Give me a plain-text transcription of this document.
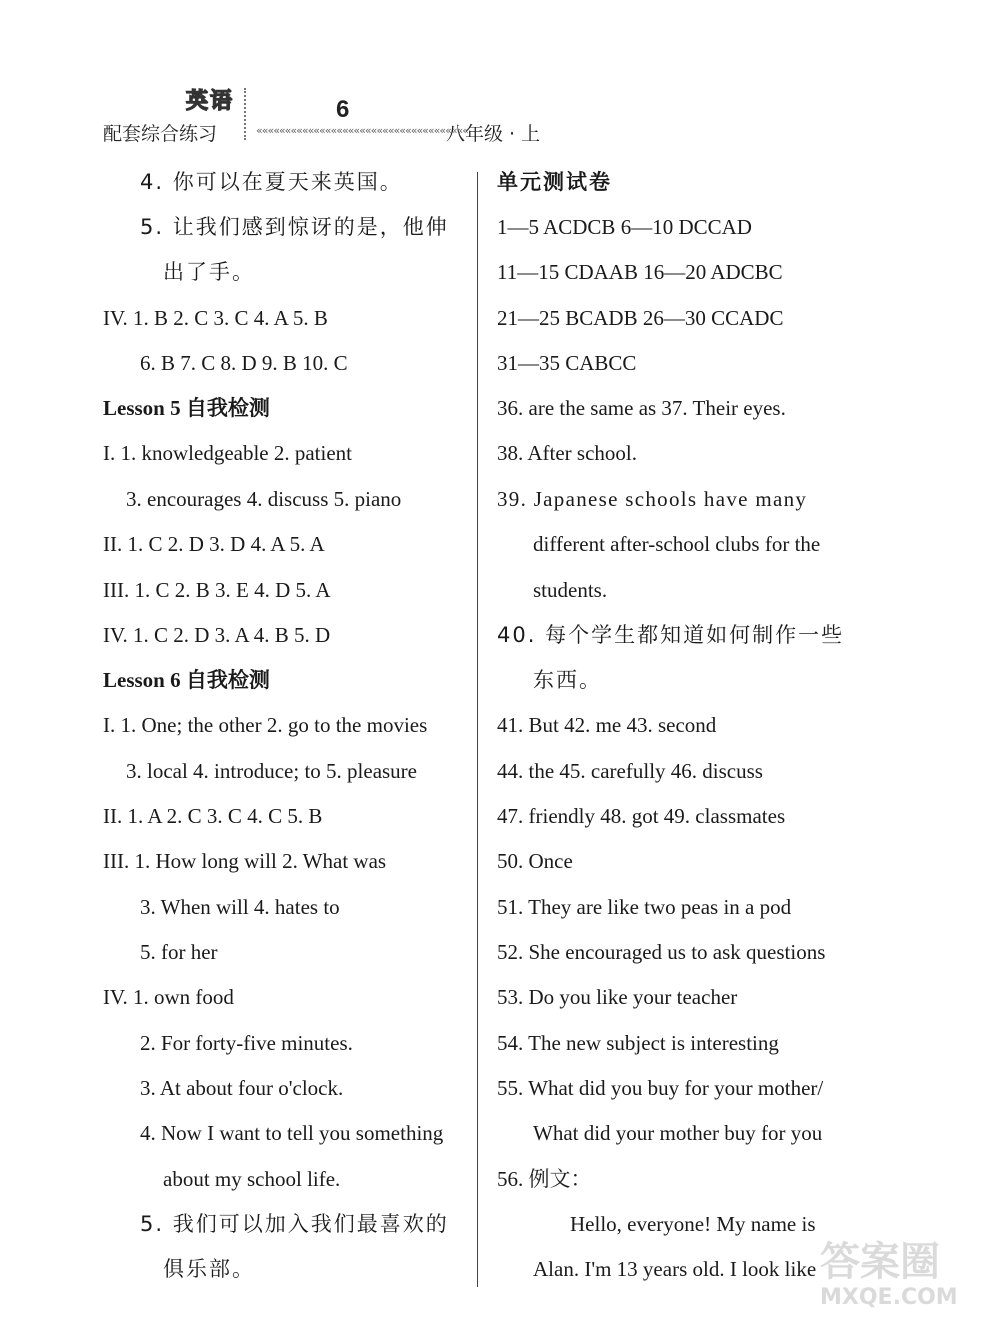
英语
配套综合练习
6
«««««««««««««««««««««««««««««««««««««
八年级 · 上
4. 你可以在夏天来英国。
5. 让我们感到惊讶的是，他伸
出了手。
IV. 1. B 2. C 3. C 4. A 5. B
6. B 7. C 8. D 9. B 10. C
Lesson 5 自我检测
I. 1. knowledgeable 2. patient
3. encourages 4. discuss 5. piano
II. 1. C 2. D 3. D 4. A 5. A
III. 1. C 2. B 3. E 4. D 5. A
IV. 1. C 2. D 3. A 4. B 5. D
Lesson 6 自我检测
I. 1. One; the other 2. go to the movies
3. local 4. introduce; to 5. pleasure
II. 1. A 2. C 3. C 4. C 5. B
III. 1. How long will 2. What was
3. When will 4. hates to
5. for her
IV. 1. own food
2. For forty-five minutes.
3. At about four o'clock.
4. Now I want to tell you something
about my school life.
5. 我们可以加入我们最喜欢的
俱乐部。
单元测试卷
1—5 ACDCB 6—10 DCCAD
11—15 CDAAB 16—20 ADCBC
21—25 BCADB 26—30 CCADC
31—35 CABCC
36. are the same as 37. Their eyes.
38. After school.
39. Japanese schools have many
different after-school clubs for the
students.
40. 每个学生都知道如何制作一些
东西。
41. But 42. me 43. second
44. the 45. carefully 46. discuss
47. friendly 48. got 49. classmates
50. Once
51. They are like two peas in a pod
52. She encouraged us to ask questions
53. Do you like your teacher
54. The new subject is interesting
55. What did you buy for your mother/
What did your mother buy for you
56. 例文：
Hello, everyone! My name is
Alan. I'm 13 years old. I look like 答案圈
MXQE.COM
